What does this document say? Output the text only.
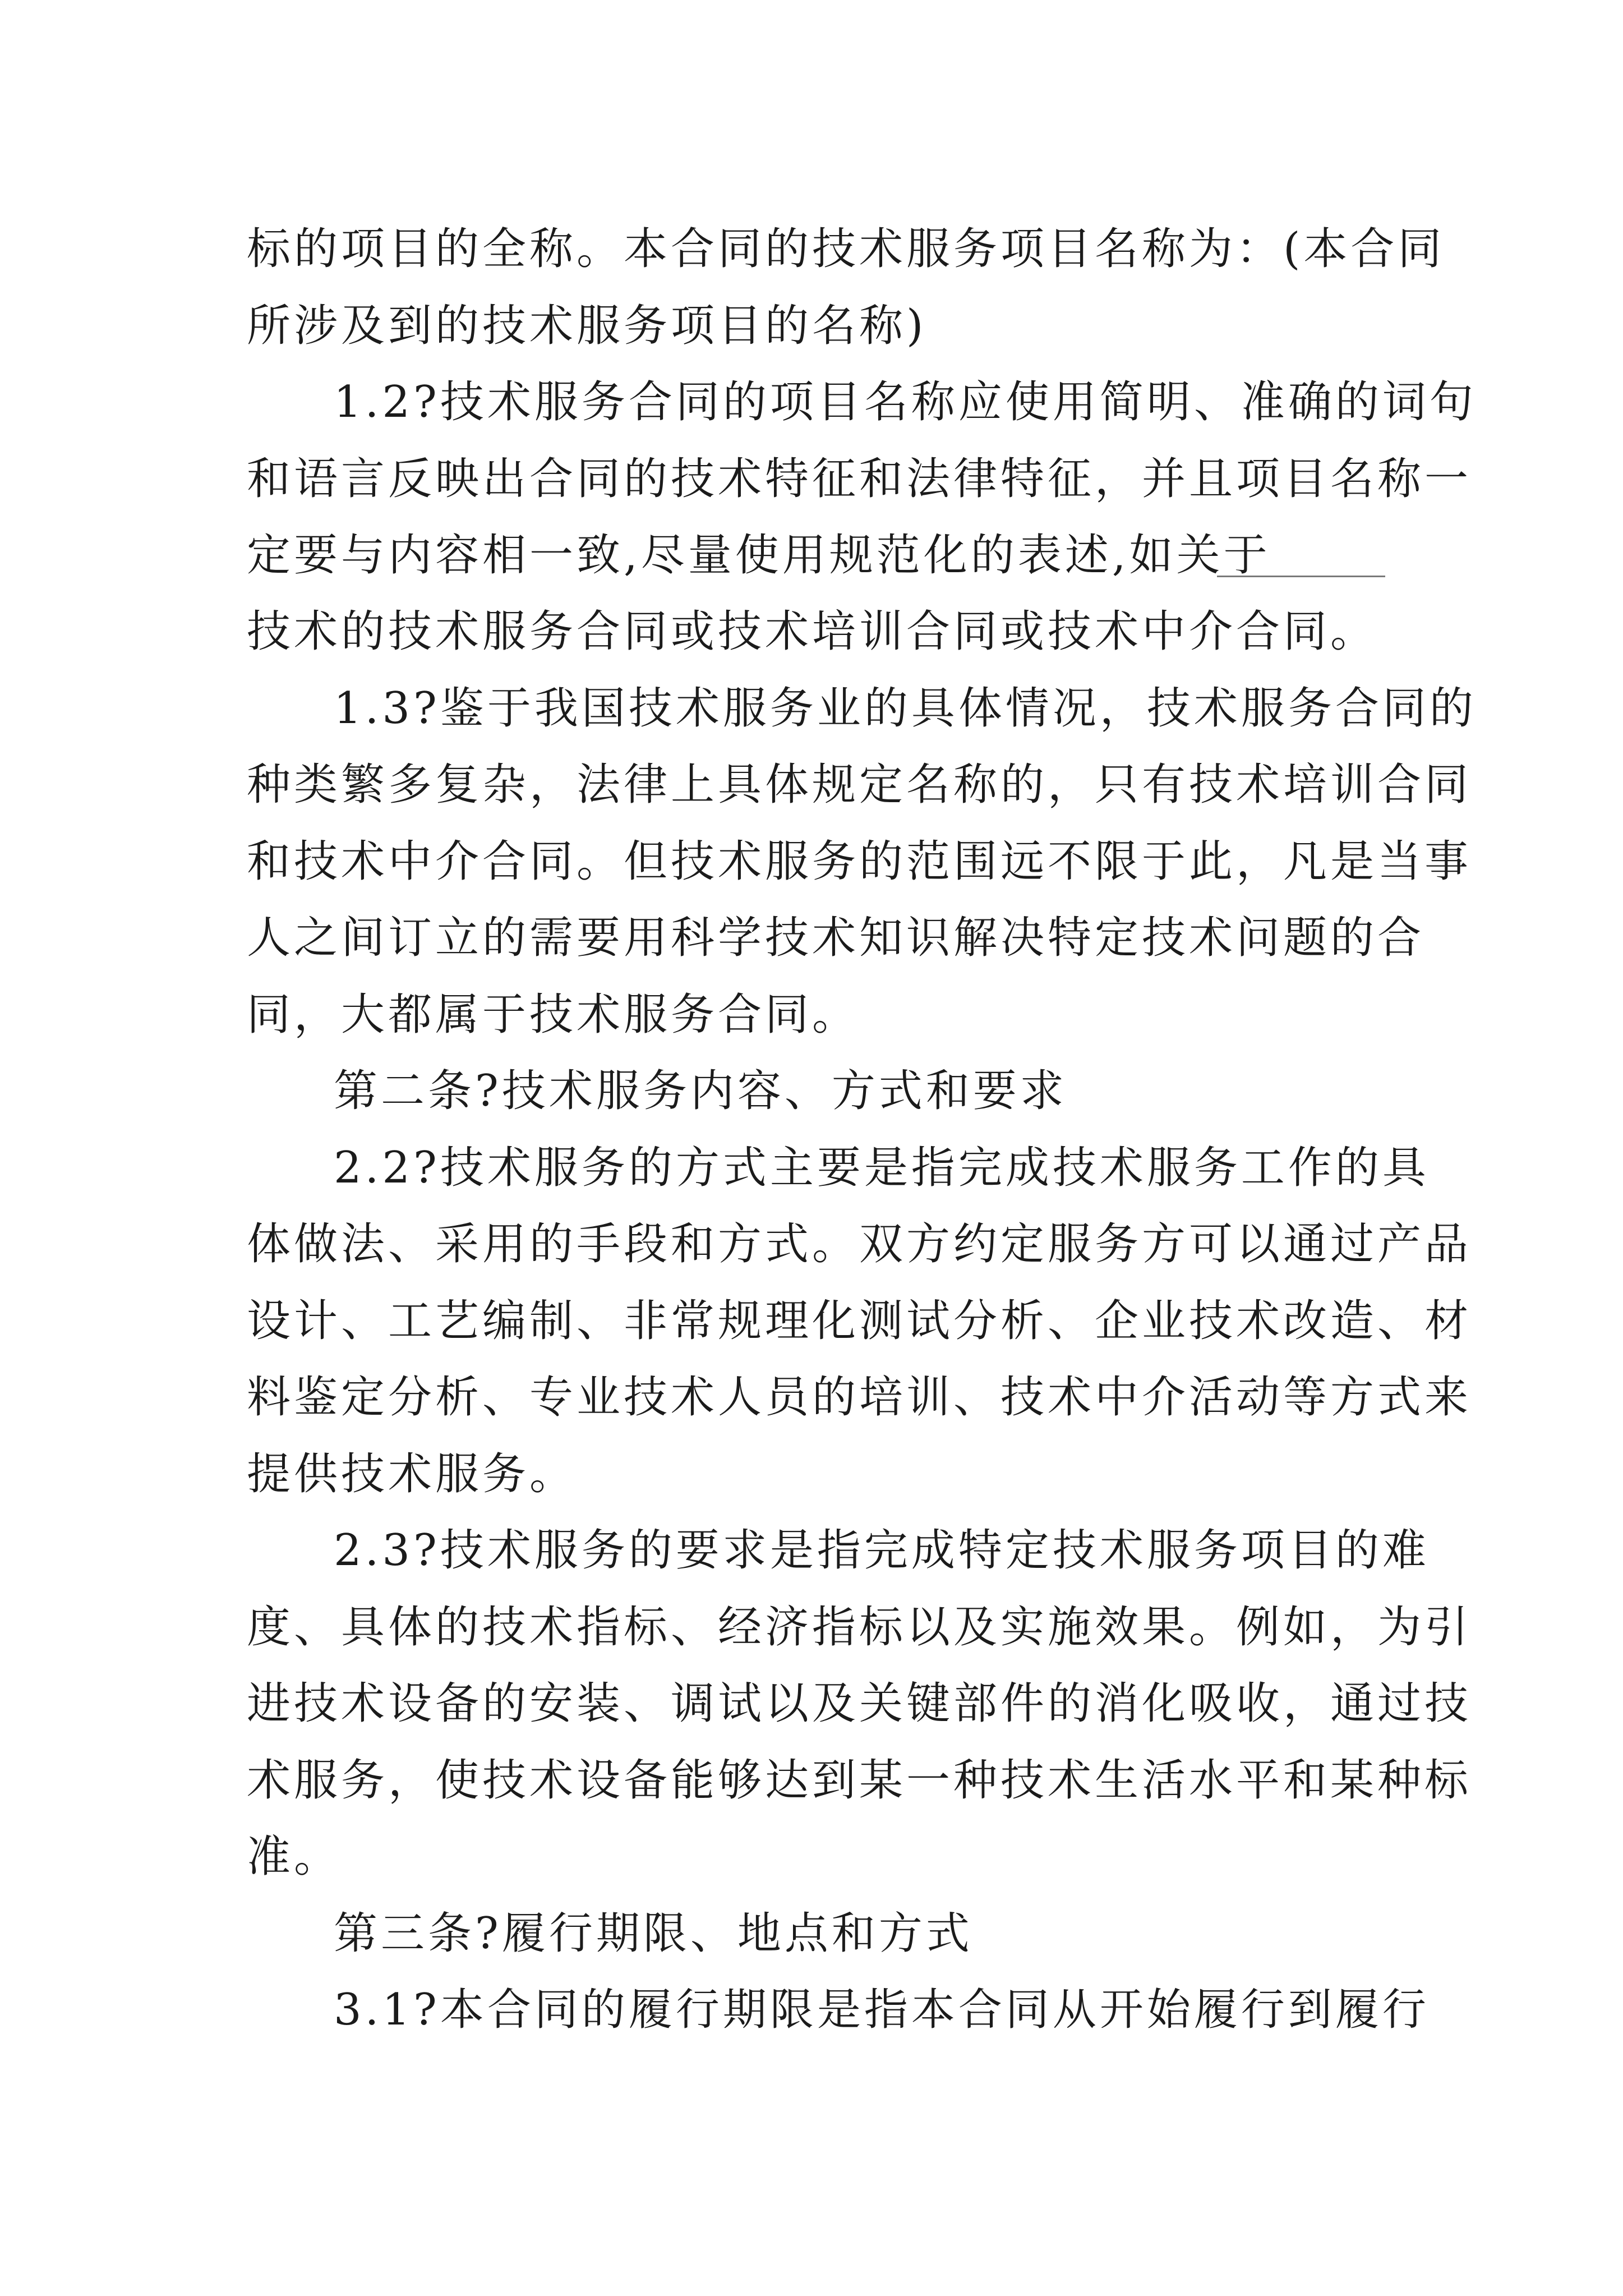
标的项目的全称。本合同的技术服务项目名称为：(本合同
所涉及到的技术服务项目的名称)
1.2?技术服务合同的项目名称应使用简明、准确的词句
和语言反映出合同的技术特征和法律特征，并且项目名称一
定要与内容相一致,尽量使用规范化的表述,如关于
技术的技术服务合同或技术培训合同或技术中介合同。
1.3?鉴于我国技术服务业的具体情况，技术服务合同的
种类繁多复杂，法律上具体规定名称的，只有技术培训合同
和技术中介合同。但技术服务的范围远不限于此，凡是当事
人之间订立的需要用科学技术知识解决特定技术问题的合
同，大都属于技术服务合同。
第二条?技术服务内容、方式和要求
2.2?技术服务的方式主要是指完成技术服务工作的具
体做法、采用的手段和方式。双方约定服务方可以通过产品
设计、工艺编制、非常规理化测试分析、企业技术改造、材
料鉴定分析、专业技术人员的培训、技术中介活动等方式来
提供技术服务。
2.3?技术服务的要求是指完成特定技术服务项目的难
度、具体的技术指标、经济指标以及实施效果。例如，为引
进技术设备的安装、调试以及关键部件的消化吸收，通过技
术服务，使技术设备能够达到某一种技术生活水平和某种标
准。
第三条?履行期限、地点和方式
3.1?本合同的履行期限是指本合同从开始履行到履行
